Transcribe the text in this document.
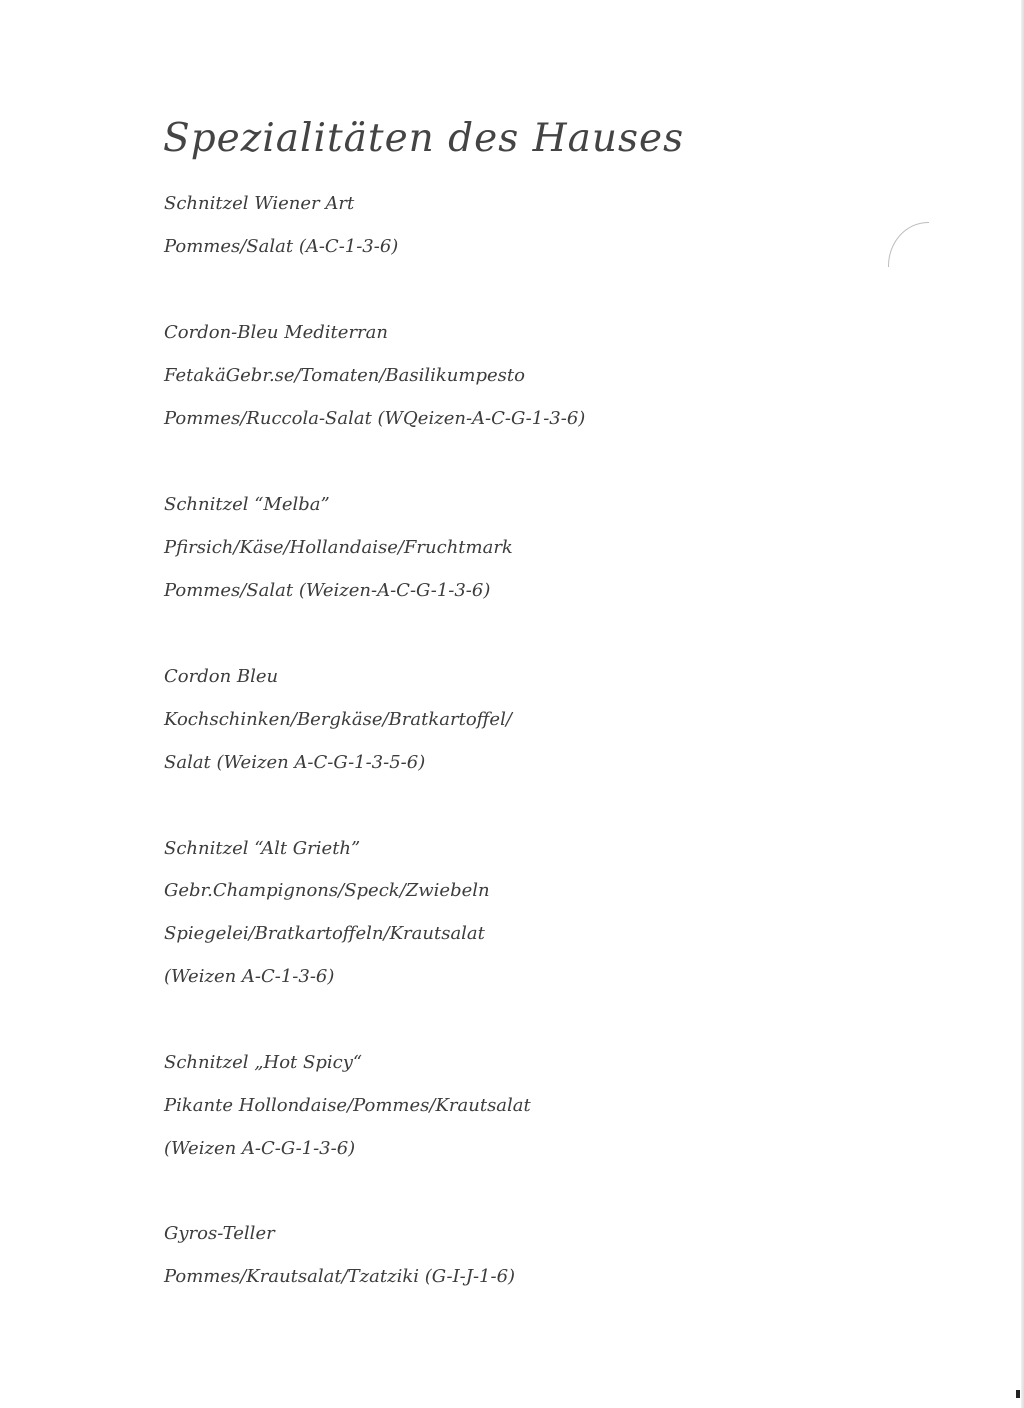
Spezialitäten des Hauses
Schnitzel Wiener Art
Pommes/Salat (A-C-1-3-6)
Cordon-Bleu Mediterran
FetakäGebr.se/Tomaten/Basilikumpesto
Pommes/Ruccola-Salat (WQeizen-A-C-G-1-3-6)
Schnitzel “Melba”
Pfirsich/Käse/Hollandaise/Fruchtmark
Pommes/Salat (Weizen-A-C-G-1-3-6)
Cordon Bleu
Kochschinken/Bergkäse/Bratkartoffel/
Salat (Weizen A-C-G-1-3-5-6)
Schnitzel “Alt Grieth”
Gebr.Champignons/Speck/Zwiebeln
Spiegelei/Bratkartoffeln/Krautsalat
(Weizen A-C-1-3-6)
Schnitzel „Hot Spicy“
Pikante Hollondaise/Pommes/Krautsalat
(Weizen A-C-G-1-3-6)
Gyros-Teller
Pommes/Krautsalat/Tzatziki (G-I-J-1-6)
